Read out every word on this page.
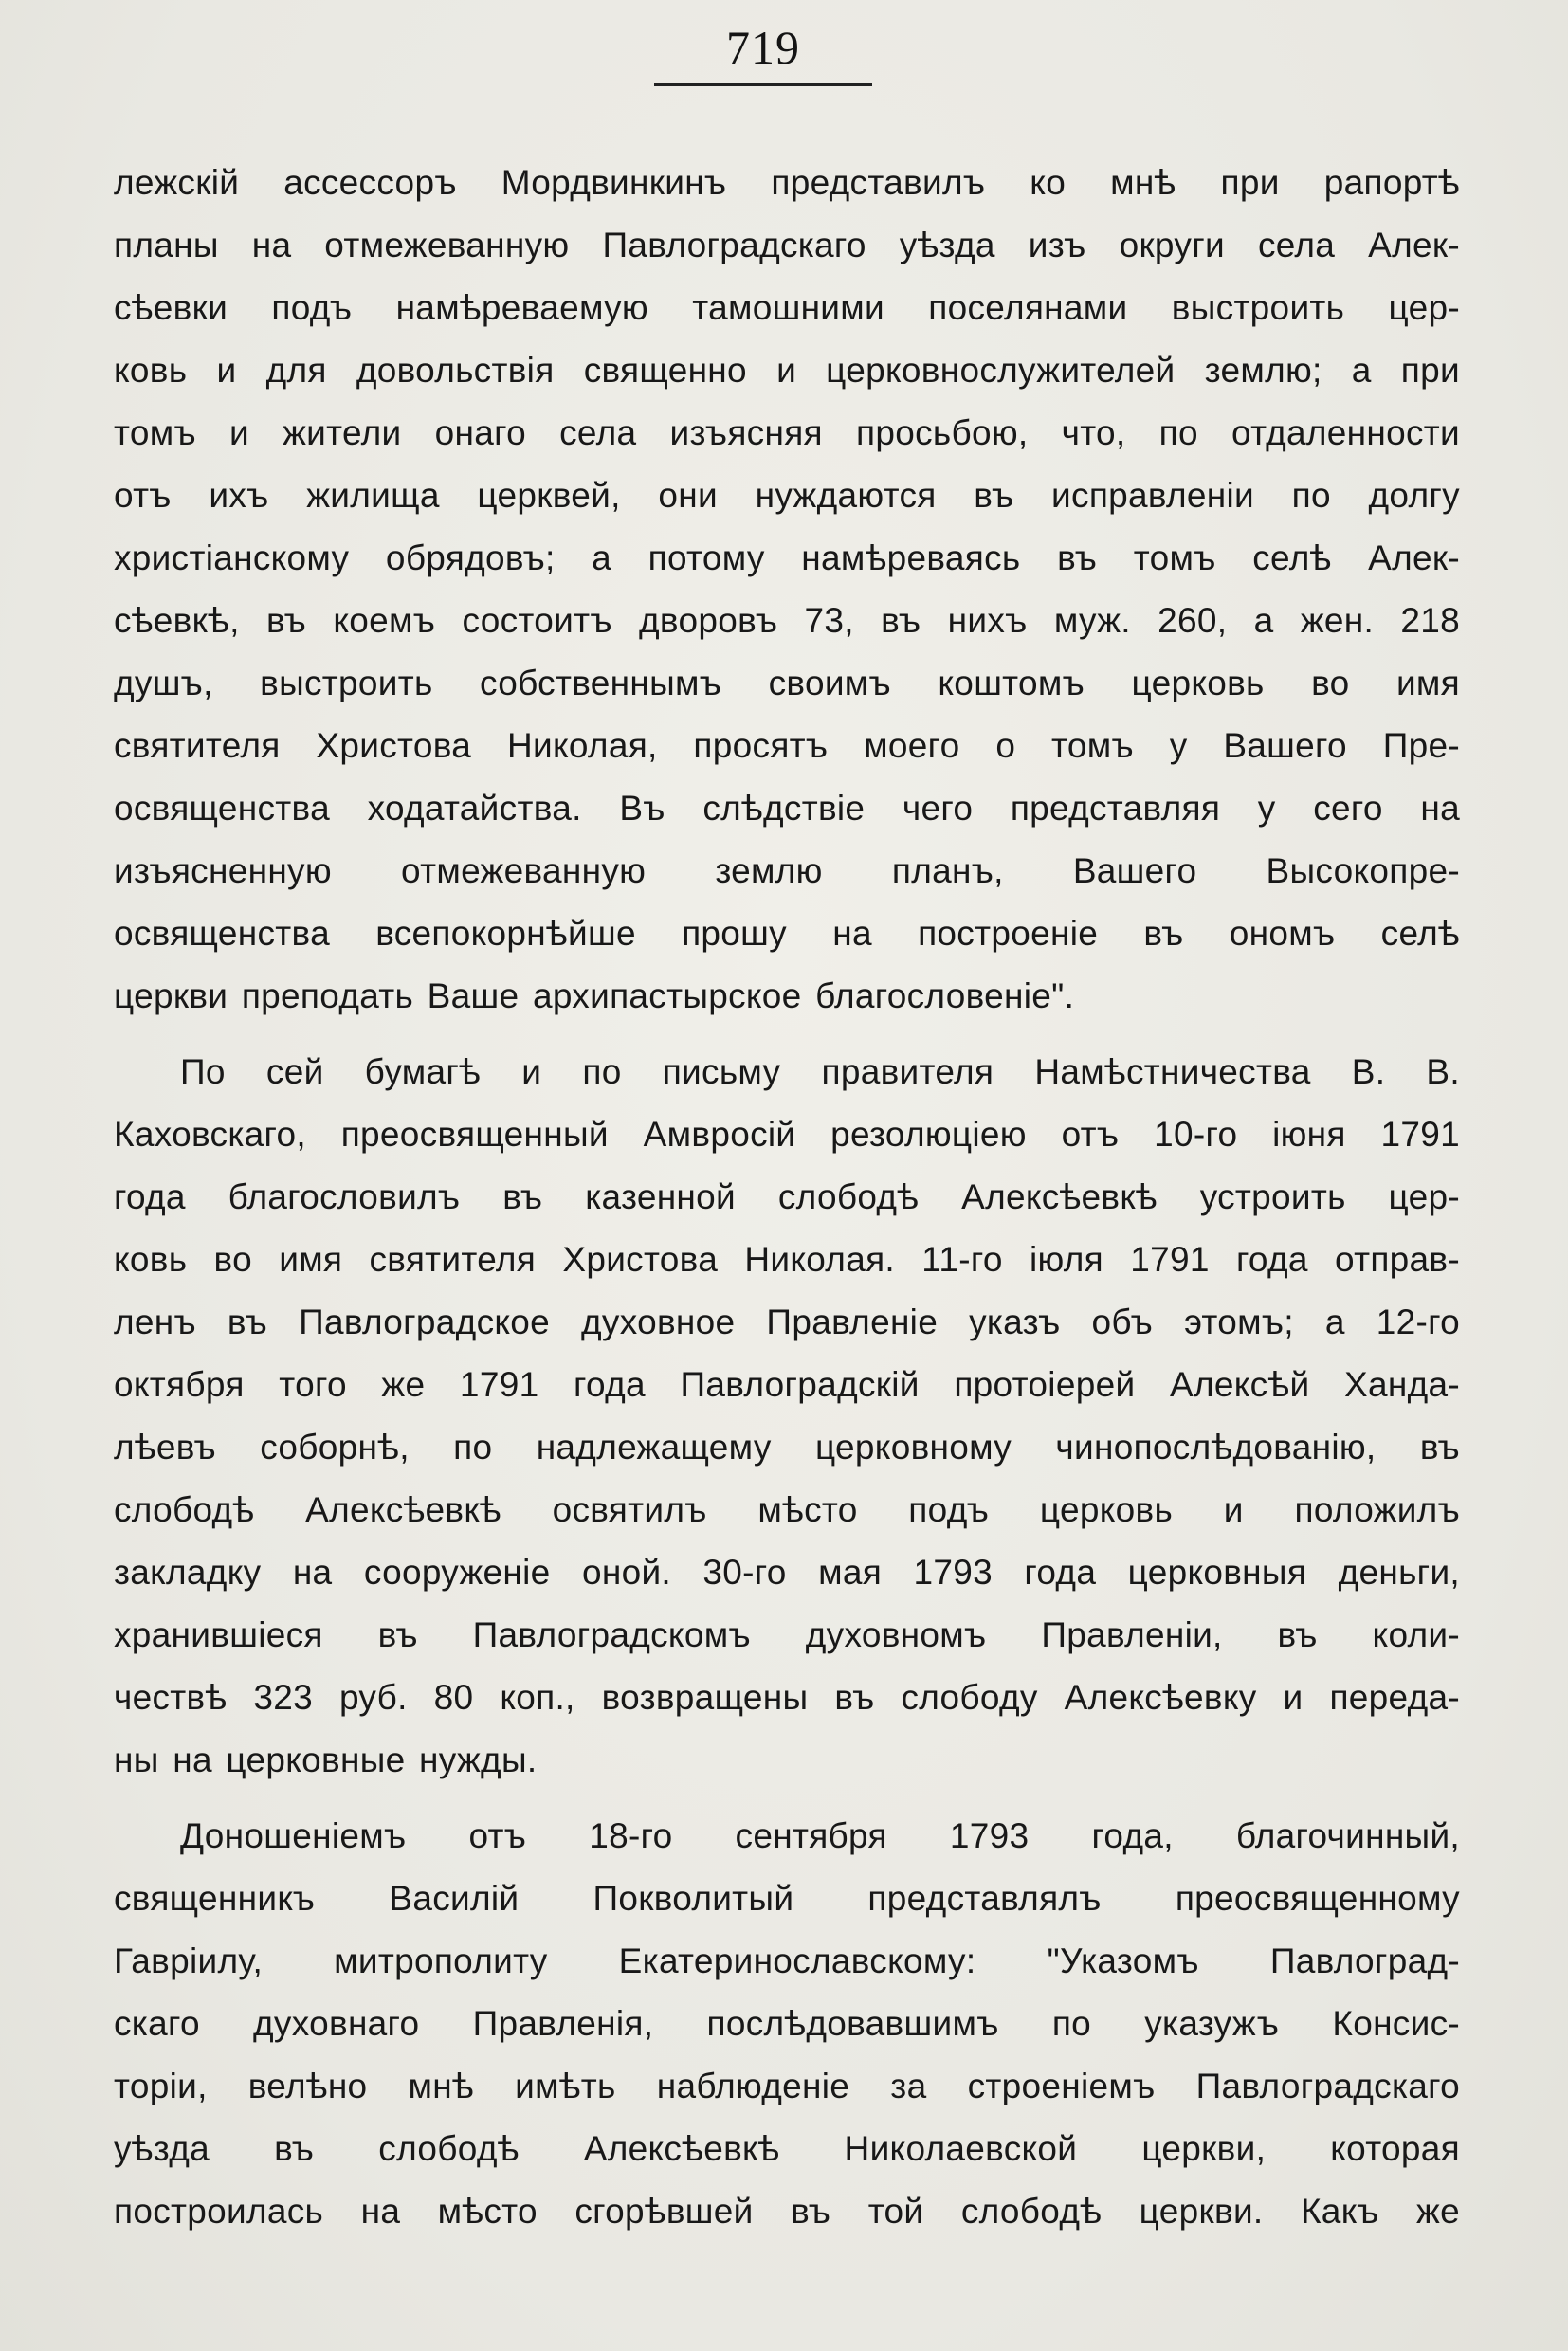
719
лежскій ассессоръ Мордвинкинъ представилъ ко мнѣ при рапортѣ
планы на отмежеванную Павлоградскаго уѣзда изъ округи села Алек-
сѣевки подъ намѣреваемую тамошними поселянами выстроить цер-
ковь и для довольствія священно и церковнослужителей землю; а при
томъ и жители онаго села изъясняя просьбою, что, по отдаленности
отъ ихъ жилища церквей, они нуждаются въ исправленіи по долгу
христіанскому обрядовъ; а потому намѣреваясь въ томъ селѣ Алек-
сѣевкѣ, въ коемъ состоитъ дворовъ 73, въ нихъ муж. 260, а жен. 218
душъ, выстроить собственнымъ своимъ коштомъ церковь во имя
святителя Христова Николая, просятъ моего о томъ у Вашего Пре-
освященства ходатайства. Въ слѣдствіе чего представляя у сего на
изъясненную отмежеванную землю планъ, Вашего Высокопре-
освященства всепокорнѣйше прошу на построеніе въ ономъ селѣ
церкви преподать Ваше архипастырское благословеніе".
По сей бумагѣ и по письму правителя Намѣстничества В. В.
Каховскаго, преосвященный Амвросій резолюціею отъ 10-го іюня 1791
года благословилъ въ казенной слободѣ Алексѣевкѣ устроить цер-
ковь во имя святителя Христова Николая. 11-го іюля 1791 года отправ-
ленъ въ Павлоградское духовное Правленіе указъ объ этомъ; а 12-го
октября того же 1791 года Павлоградскій протоіерей Алексѣй Хандa-
лѣевъ соборнѣ, по надлежащему церковному чинопослѣдованію, въ
слободѣ Алексѣевкѣ освятилъ мѣсто подъ церковь и положилъ
закладку на сооруженіе оной. 30-го мая 1793 года церковныя деньги,
хранившіеся въ Павлоградскомъ духовномъ Правленіи, въ коли-
чествѣ 323 руб. 80 коп., возвращены въ слободу Алексѣевку и переда-
ны на церковные нужды.
Доношеніемъ отъ 18-го сентября 1793 года, благочинный,
священникъ Василій Покволитый представлялъ преосвященному
Гавріилу, митрополиту Екатеринославскому: "Указомъ Павлоград-
скаго духовнаго Правленія, послѣдовавшимъ по указужъ Консис-
торіи, велѣно мнѣ имѣть наблюденіе за строеніемъ Павлоградскаго
уѣзда въ слободѣ Алексѣевкѣ Николаевской церкви, которая
построилась на мѣсто сгорѣвшей въ той слободѣ церкви. Какъ же
